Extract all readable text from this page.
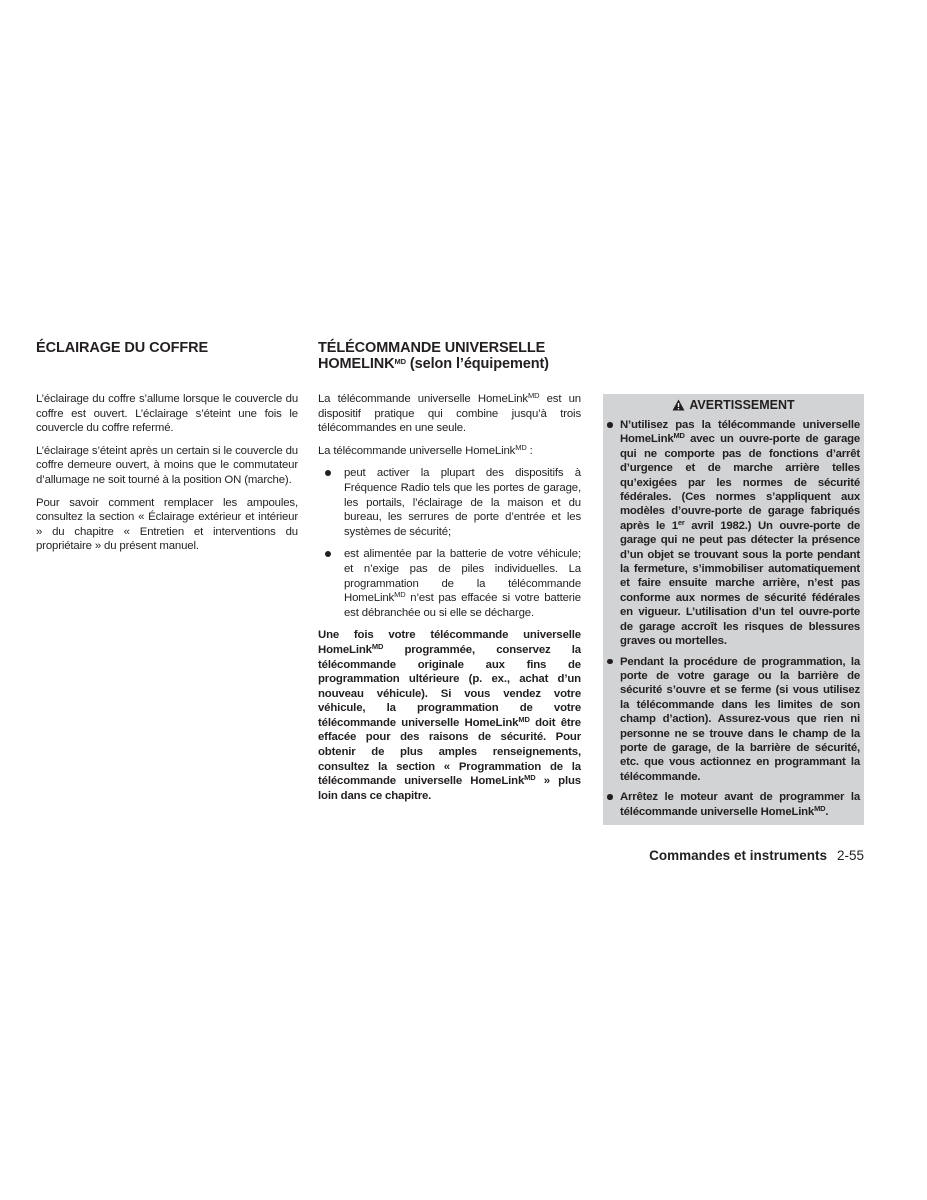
ÉCLAIRAGE DU COFFRE

L’éclairage du coffre s’allume lorsque le couvercle du coffre est ouvert. L’éclairage s’éteint une fois le couvercle du coffre refermé.

L’éclairage s’éteint après un certain si le couvercle du coffre demeure ouvert, à moins que le commutateur d’allumage ne soit tourné à la position ON (marche).

Pour savoir comment remplacer les ampoules, consultez la section « Éclairage extérieur et intérieur » du chapitre « Entretien et interventions du propriétaire » du présent manuel.

TÉLÉCOMMANDE UNIVERSELLE
$HOMELINK^{MD}$ (selon l’équipement)

La télécommande universelle HomeLink$^{MD}$ est un dispositif pratique qui combine jusqu’à trois télécommandes en une seule.

La télécommande universelle HomeLink$^{MD}$ :

peut activer la plupart des dispositifs à Fréquence Radio tels que les portes de garage, les portails, l’éclairage de la maison et du bureau, les serrures de porte d’entrée et les systèmes de sécurité;

est alimentée par la batterie de votre véhicule; et n’exige pas de piles individuelles. La programmation de la télécommande HomeLink$^{MD}$ n’est pas effacée si votre batterie est débranchée ou si elle se décharge.

Une fois votre télécommande universelle HomeLink$^{MD}$ programmée, conservez la télécommande originale aux fins de programmation ultérieure (p. ex., achat d’un nouveau véhicule). Si vous vendez votre véhicule, la programmation de votre télécommande universelle HomeLink$^{MD}$ doit être effacée pour des raisons de sécurité. Pour obtenir de plus amples renseignements, consultez la section « Programmation de la télécommande universelle HomeLink$^{MD}$ » plus loin dans ce chapitre.

AVERTISSEMENT

N’utilisez pas la télécommande universelle HomeLink$^{MD}$ avec un ouvre-porte de garage qui ne comporte pas de fonctions d’arrêt d’urgence et de marche arrière telles qu’exigées par les normes de sécurité fédérales. (Ces normes s’appliquent aux modèles d’ouvre-porte de garage fabriqués après le 1er avril 1982.) Un ouvre-porte de garage qui ne peut pas détecter la présence d’un objet se trouvant sous la porte pendant la fermeture, s’immobiliser automatiquement et faire ensuite marche arrière, n’est pas conforme aux normes de sécurité fédérales en vigueur. L’utilisation d’un tel ouvre-porte de garage accroît les risques de blessures graves ou mortelles.

Pendant la procédure de programmation, la porte de votre garage ou la barrière de sécurité s’ouvre et se ferme (si vous utilisez la télécommande dans les limites de son champ d’action). Assurez-vous que rien ni personne ne se trouve dans le champ de la porte de garage, de la barrière de sécurité, etc. que vous actionnez en programmant la télécommande.

Arrêtez le moteur avant de programmer la télécommande universelle HomeLink$^{MD}$.

Commandes et instruments 2-55
